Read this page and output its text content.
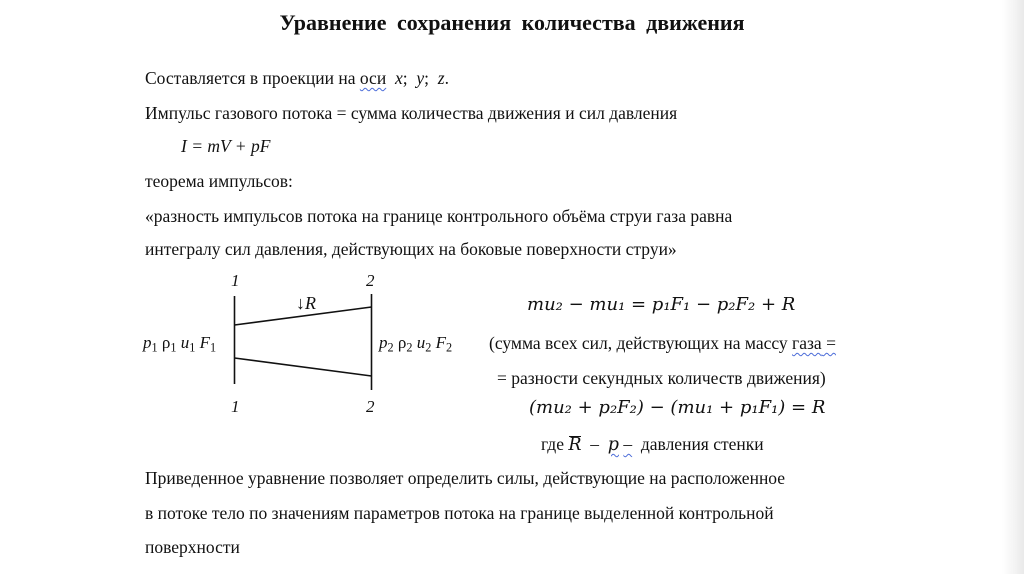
Уравнение сохранения количества движения
Составляется в проекции на оси x;  y;  z.
Импульс газового потока = сумма количества движения и сил давления
I = mV + pF
теорема импульсов:
«разность импульсов потока на границе контрольного объёма струи газа равна
интегралу сил давления, действующих на боковые поверхности струи»
1	2
1	2
↓R
$p_1$ $\rho_1$ $u_1$ $F_1$	$p_2$ $\rho_2$ $u_2$ $F_2$
mu₂ − mu₁ = p₁F₁ − p₂F₂ + R
(сумма всех сил, действующих на массу газа =
= разности секундных количеств движения)
(mu₂ + p₂F₂) − (mu₁ + p₁F₁) = R
где R – p – давления стенки
Приведенное уравнение позволяет определить силы, действующие на расположенное
в потоке тело по значениям параметров потока на границе выделенной контрольной
поверхности
